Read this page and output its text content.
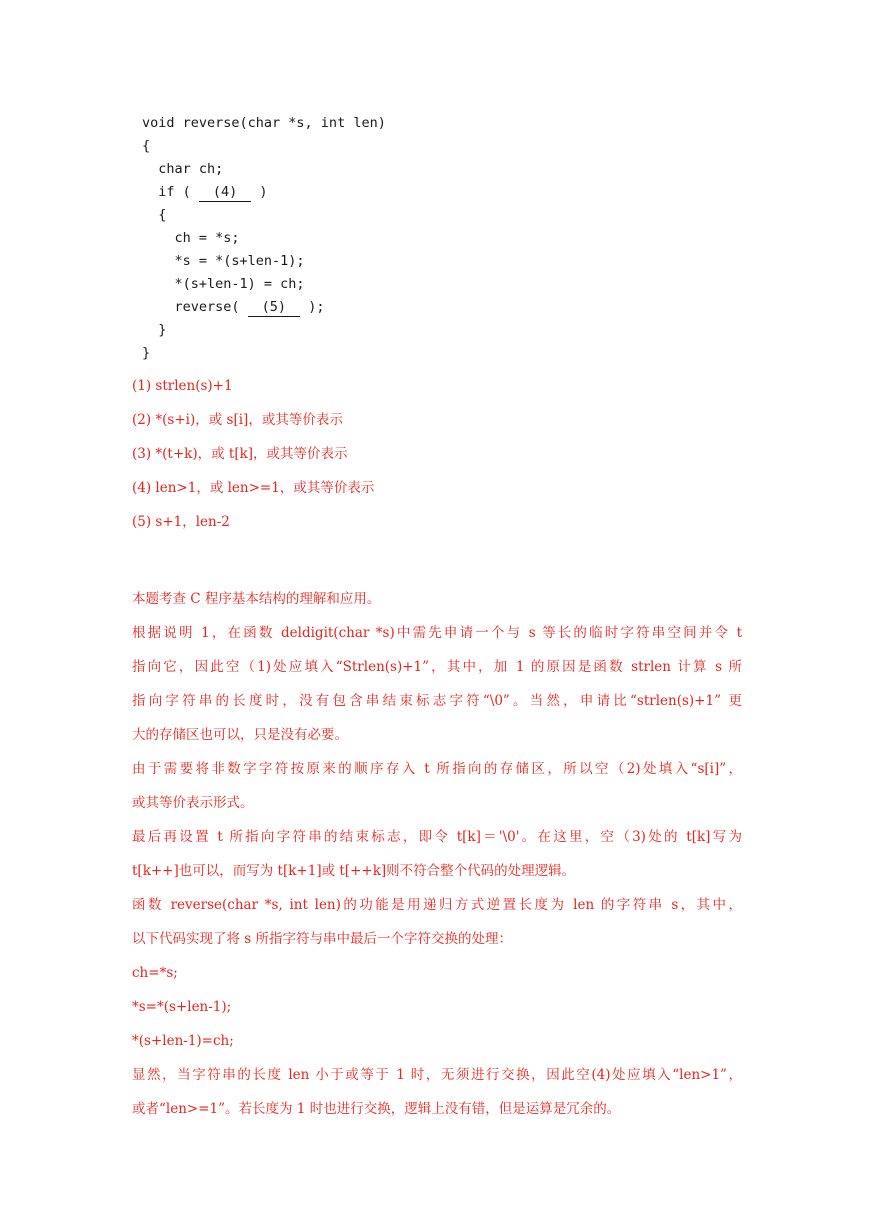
void reverse(char *s, int len)
{
char ch;
if ( (4) )
{
ch = *s;
*s = *(s+len-1);
*(s+len-1) = ch;
reverse( (5) );
}
}
(1) strlen(s)+1
(2) *(s+i)，或 s[i]，或其等价表示
(3) *(t+k)，或 t[k]，或其等价表示
(4) len>1，或 len>=1，或其等价表示
(5) s+1，len-2
本题考查 C 程序基本结构的理解和应用。
根据说明 1，在函数 deldigit(char *s)中需先申请一个与 s 等长的临时字符串空间并令 t
指向它，因此空（1)处应填入“Strlen(s)+1”，其中，加 1 的原因是函数 strlen 计算 s 所
指向字符串的长度时，没有包含串结束标志字符“\0”。当然，申请比“strlen(s)+1” 更
大的存储区也可以，只是没有必要。
由于需要将非数字字符按原来的顺序存入 t 所指向的存储区，所以空（2)处填入“s[i]”，
或其等价表示形式。
最后再设置 t 所指向字符串的结束标志，即令 t[k]＝'\0'。在这里，空（3)处的 t[k]写为
t[k++]也可以，而写为 t[k+1]或 t[++k]则不符合整个代码的处理逻辑。
函数 reverse(char *s, int len)的功能是用递归方式逆置长度为 len 的字符串 s，其中，
以下代码实现了将 s 所指字符与串中最后一个字符交换的处理：
ch=*s;
*s=*(s+len-1);
*(s+len-1)=ch;
显然，当字符串的长度 len 小于或等于 1 时，无须进行交换，因此空(4)处应填入“len>1”，
或者“len>=1”。若长度为 1 时也进行交换，逻辑上没有错，但是运算是冗余的。
